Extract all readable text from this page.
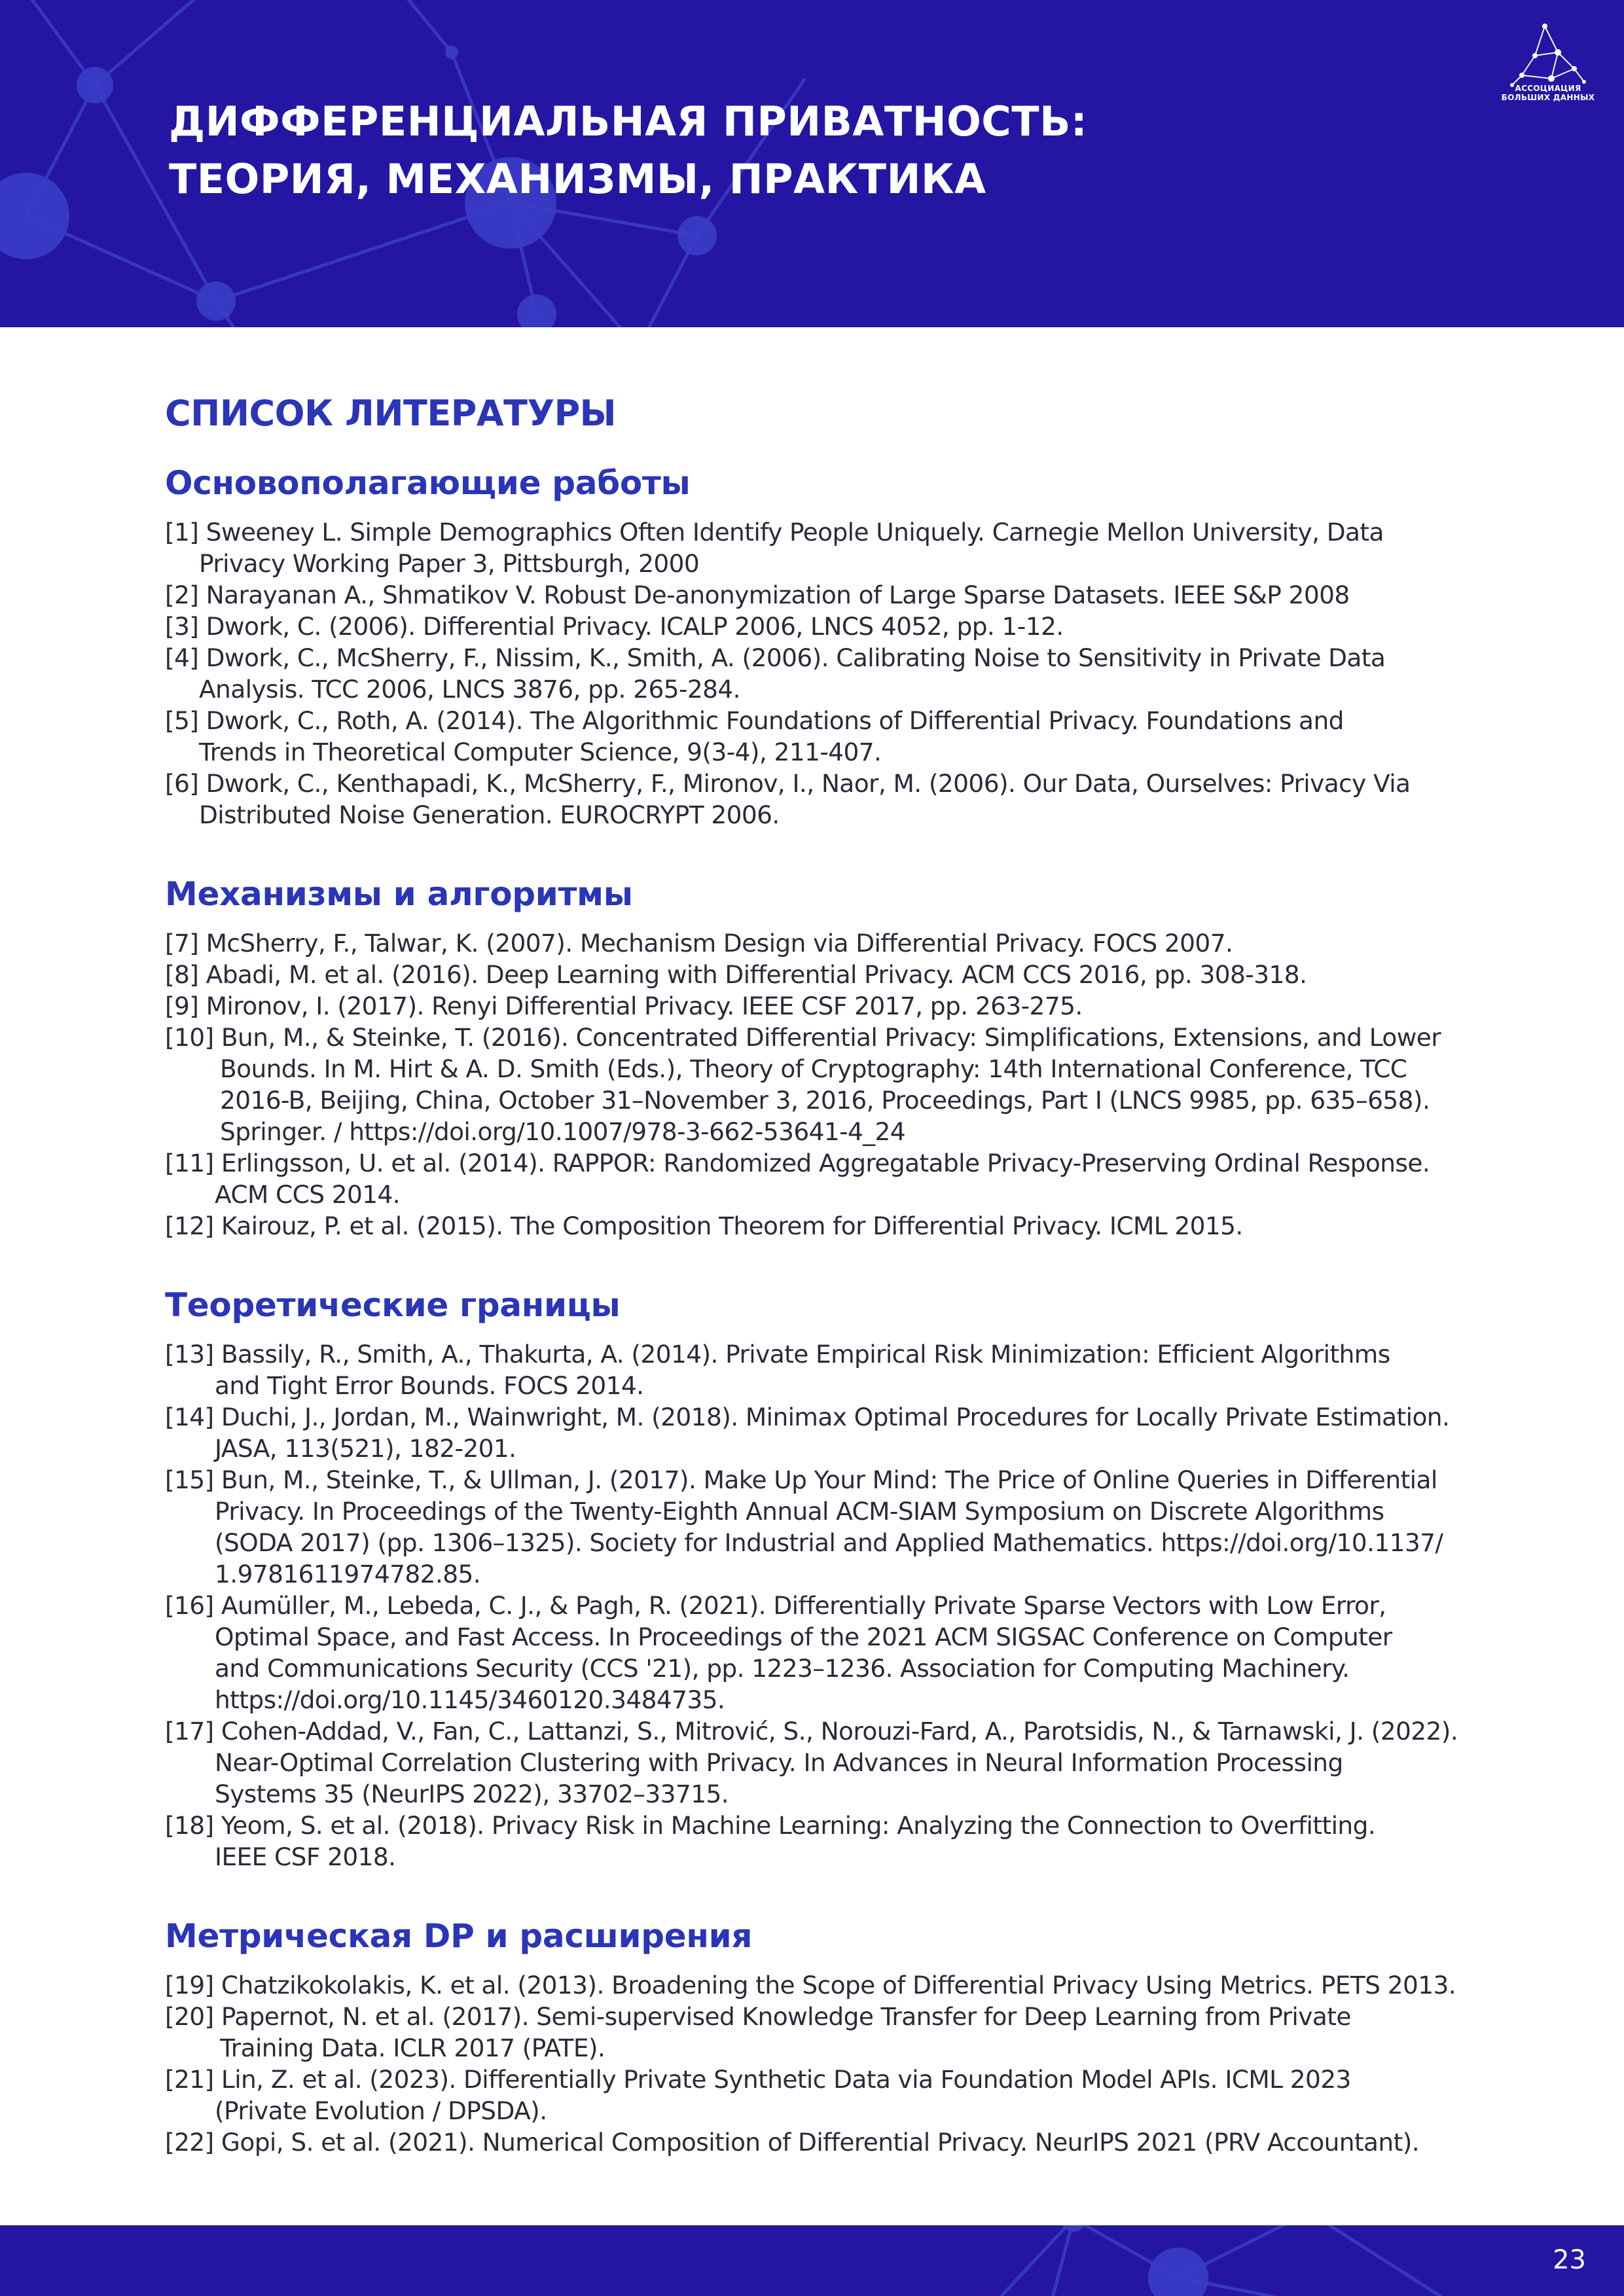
ДИФФЕРЕНЦИАЛЬНАЯ ПРИВАТНОСТЬ:
ТЕОРИЯ, МЕХАНИЗМЫ, ПРАКТИКА
АССОЦИАЦИЯ
БОЛЬШИХ ДАННЫХ
СПИСОК ЛИТЕРАТУРЫ
Основополагающие работы
[1] Sweeney L. Simple Demographics Often Identify People Uniquely. Carnegie Mellon University, Data
Privacy Working Paper 3, Pittsburgh, 2000
[2] Narayanan A., Shmatikov V. Robust De-anonymization of Large Sparse Datasets. IEEE S&P 2008
[3] Dwork, C. (2006). Differential Privacy. ICALP 2006, LNCS 4052, pp. 1-12.
[4] Dwork, C., McSherry, F., Nissim, K., Smith, A. (2006). Calibrating Noise to Sensitivity in Private Data
Analysis. TCC 2006, LNCS 3876, pp. 265-284.
[5] Dwork, C., Roth, A. (2014). The Algorithmic Foundations of Differential Privacy. Foundations and
Trends in Theoretical Computer Science, 9(3-4), 211-407.
[6] Dwork, C., Kenthapadi, K., McSherry, F., Mironov, I., Naor, M. (2006). Our Data, Ourselves: Privacy Via
Distributed Noise Generation. EUROCRYPT 2006.
Механизмы и алгоритмы
[7] McSherry, F., Talwar, K. (2007). Mechanism Design via Differential Privacy. FOCS 2007.
[8] Abadi, M. et al. (2016). Deep Learning with Differential Privacy. ACM CCS 2016, pp. 308-318.
[9] Mironov, I. (2017). Renyi Differential Privacy. IEEE CSF 2017, pp. 263-275.
[10] Bun, M., & Steinke, T. (2016). Concentrated Differential Privacy: Simplifications, Extensions, and Lower
Bounds. In M. Hirt & A. D. Smith (Eds.), Theory of Cryptography: 14th International Conference, TCC
2016-B, Beijing, China, October 31–November 3, 2016, Proceedings, Part I (LNCS 9985, pp. 635–658).
Springer. / https://doi.org/10.1007/978-3-662-53641-4_24
[11] Erlingsson, U. et al. (2014). RAPPOR: Randomized Aggregatable Privacy-Preserving Ordinal Response.
ACM CCS 2014.
[12] Kairouz, P. et al. (2015). The Composition Theorem for Differential Privacy. ICML 2015.
Теоретические границы
[13] Bassily, R., Smith, A., Thakurta, A. (2014). Private Empirical Risk Minimization: Efficient Algorithms
and Tight Error Bounds. FOCS 2014.
[14] Duchi, J., Jordan, M., Wainwright, M. (2018). Minimax Optimal Procedures for Locally Private Estimation.
JASA, 113(521), 182-201.
[15] Bun, M., Steinke, T., & Ullman, J. (2017). Make Up Your Mind: The Price of Online Queries in Differential
Privacy. In Proceedings of the Twenty-Eighth Annual ACM-SIAM Symposium on Discrete Algorithms
(SODA 2017) (pp. 1306–1325). Society for Industrial and Applied Mathematics. https://doi.org/10.1137/
1.9781611974782.85.
[16] Aumüller, M., Lebeda, C. J., & Pagh, R. (2021). Differentially Private Sparse Vectors with Low Error,
Optimal Space, and Fast Access. In Proceedings of the 2021 ACM SIGSAC Conference on Computer
and Communications Security (CCS '21), pp. 1223–1236. Association for Computing Machinery.
https://doi.org/10.1145/3460120.3484735.
[17] Cohen-Addad, V., Fan, C., Lattanzi, S., Mitrović, S., Norouzi-Fard, A., Parotsidis, N., & Tarnawski, J. (2022).
Near-Optimal Correlation Clustering with Privacy. In Advances in Neural Information Processing
Systems 35 (NeurIPS 2022), 33702–33715.
[18] Yeom, S. et al. (2018). Privacy Risk in Machine Learning: Analyzing the Connection to Overfitting.
IEEE CSF 2018.
Метрическая DP и расширения
[19] Chatzikokolakis, K. et al. (2013). Broadening the Scope of Differential Privacy Using Metrics. PETS 2013.
[20] Papernot, N. et al. (2017). Semi-supervised Knowledge Transfer for Deep Learning from Private
Training Data. ICLR 2017 (PATE).
[21] Lin, Z. et al. (2023). Differentially Private Synthetic Data via Foundation Model APIs. ICML 2023
(Private Evolution / DPSDA).
[22] Gopi, S. et al. (2021). Numerical Composition of Differential Privacy. NeurIPS 2021 (PRV Accountant).
23
